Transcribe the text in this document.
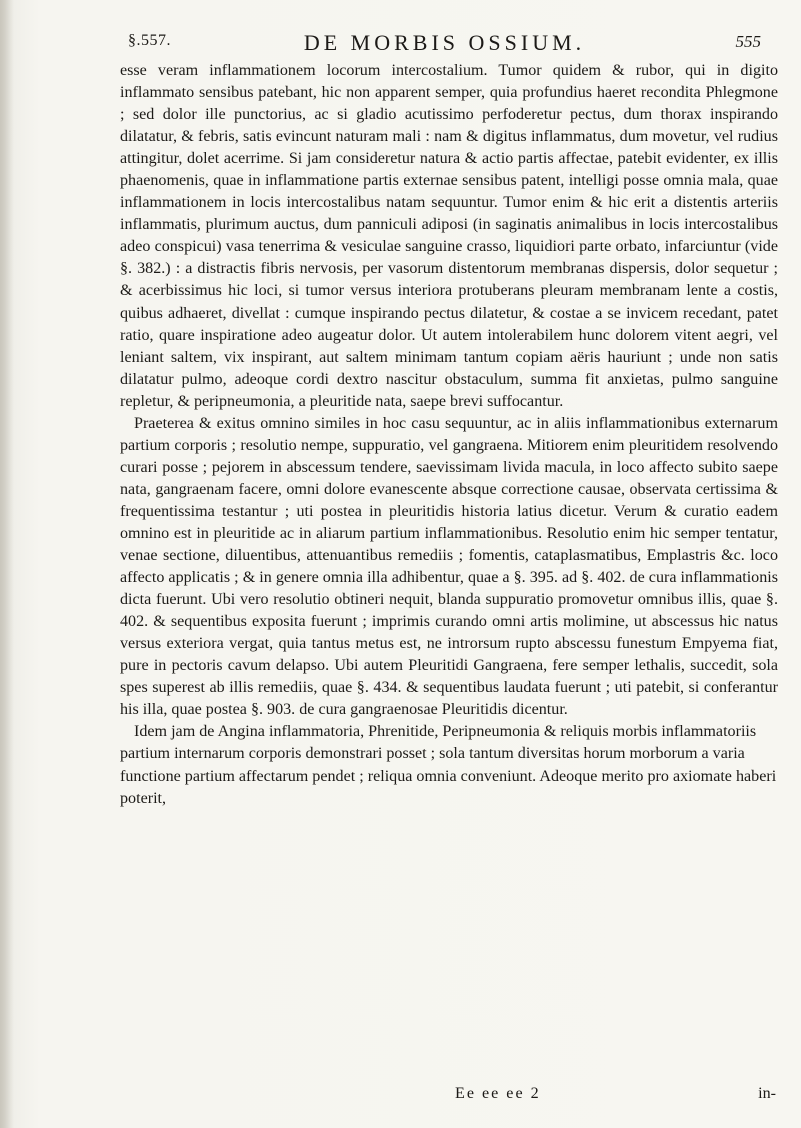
§.557.	DE MORBIS OSSIUM.	555

esse veram inflammationem locorum intercostalium. Tumor quidem & rubor, qui in digito inflammato sensibus patebant, hic non apparent semper, quia profundius haeret recondita Phlegmone ; sed dolor ille punctorius, ac si gladio acutissimo perfoderetur pectus, dum thorax inspirando dilatatur, & febris, satis evincunt naturam mali : nam & digitus inflammatus, dum movetur, vel rudius attingitur, dolet acerrime. Si jam consideretur natura & actio partis affectae, patebit evidenter, ex illis phaenomenis, quae in inflammatione partis externae sensibus patent, intelligi posse omnia mala, quae inflammationem in locis intercostalibus natam sequuntur. Tumor enim & hic erit a distentis arteriis inflammatis, plurimum auctus, dum panniculi adiposi (in saginatis animalibus in locis intercostalibus adeo conspicui) vasa tenerrima & vesiculae sanguine crasso, liquidiori parte orbato, infarciuntur (vide §. 382.) : a distractis fibris nervosis, per vasorum distentorum membranas dispersis, dolor sequetur ; & acerbissimus hic loci, si tumor versus interiora protuberans pleuram membranam lente a costis, quibus adhaeret, divellat : cumque inspirando pectus dilatetur, & costae a se invicem recedant, patet ratio, quare inspiratione adeo augeatur dolor. Ut autem intolerabilem hunc dolorem vitent aegri, vel leniant saltem, vix inspirant, aut saltem minimam tantum copiam aëris hauriunt ; unde non satis dilatatur pulmo, adeoque cordi dextro nascitur obstaculum, summa fit anxietas, pulmo sanguine repletur, & peripneumonia, a pleuritide nata, saepe brevi suffocantur.

Praeterea & exitus omnino similes in hoc casu sequuntur, ac in aliis inflammationibus externarum partium corporis ; resolutio nempe, suppuratio, vel gangraena. Mitiorem enim pleuritidem resolvendo curari posse ; pejorem in abscessum tendere, saevissimam livida macula, in loco affecto subito saepe nata, gangraenam facere, omni dolore evanescente absque correctione causae, observata certissima & frequentissima testantur ; uti postea in pleuritidis historia latius dicetur. Verum & curatio eadem omnino est in pleuritide ac in aliarum partium inflammationibus. Resolutio enim hic semper tentatur, venae sectione, diluentibus, attenuantibus remediis ; fomentis, cataplasmatibus, Emplastris &c. loco affecto applicatis ; & in genere omnia illa adhibentur, quae a §. 395. ad §. 402. de cura inflammationis dicta fuerunt. Ubi vero resolutio obtineri nequit, blanda suppuratio promovetur omnibus illis, quae §. 402. & sequentibus exposita fuerunt ; imprimis curando omni artis molimine, ut abscessus hic natus versus exteriora vergat, quia tantus metus est, ne introrsum rupto abscessu funestum Empyema fiat, pure in pectoris cavum delapso. Ubi autem Pleuritidi Gangraena, fere semper lethalis, succedit, sola spes superest ab illis remediis, quae §. 434. & sequentibus laudata fuerunt ; uti patebit, si conferantur his illa, quae postea §. 903. de cura gangraenosae Pleuritidis dicentur.

Idem jam de Angina inflammatoria, Phrenitide, Peripneumonia & reliquis morbis inflammatoriis partium internarum corporis demonstrari posset ; sola tantum diversitas horum morborum a varia functione partium affectarum pendet ; reliqua omnia conveniunt. Adeoque merito pro axiomate haberi poterit,

Ee ee ee 2	in-
